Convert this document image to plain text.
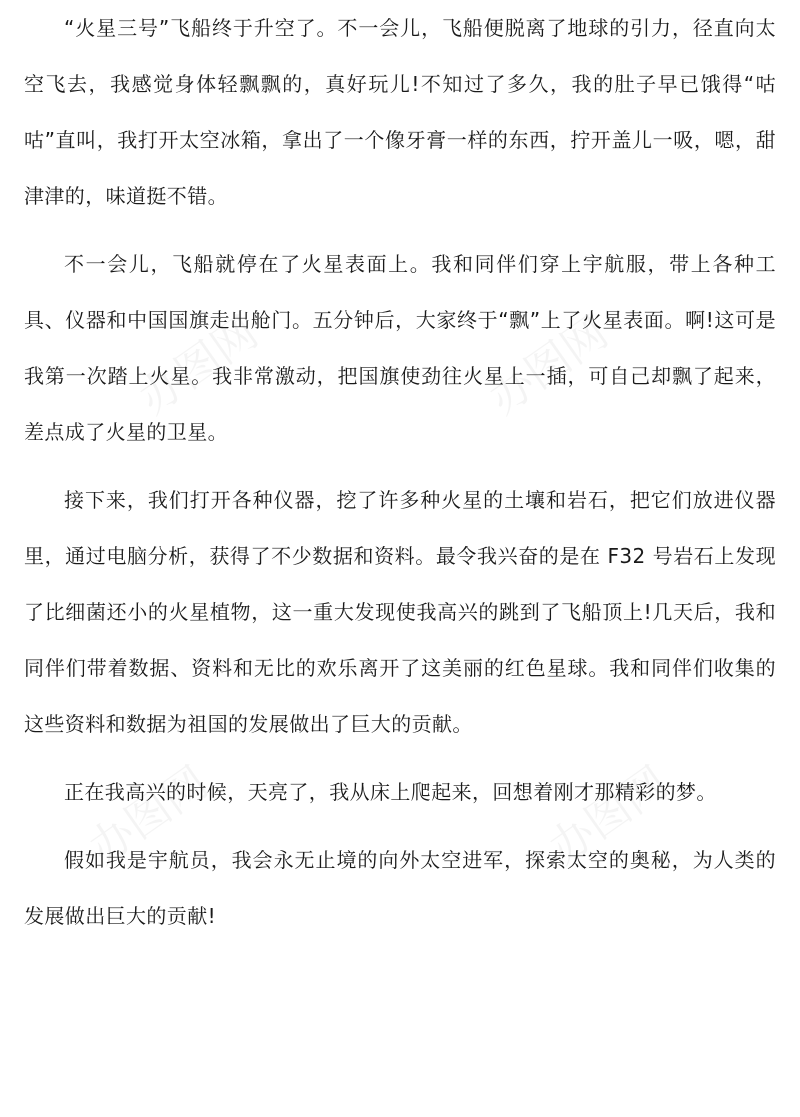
“火星三号”飞船终于升空了。不一会儿，飞船便脱离了地球的引力，径直向太空飞去，我感觉身体轻飘飘的，真好玩儿!不知过了多久，我的肚子早已饿得“咕咕”直叫，我打开太空冰箱，拿出了一个像牙膏一样的东西，拧开盖儿一吸，嗯，甜津津的，味道挺不错。

不一会儿，飞船就停在了火星表面上。我和同伴们穿上宇航服，带上各种工具、仪器和中国国旗走出舱门。五分钟后，大家终于“飘”上了火星表面。啊!这可是我第一次踏上火星。我非常激动，把国旗使劲往火星上一插，可自己却飘了起来，差点成了火星的卫星。

接下来，我们打开各种仪器，挖了许多种火星的土壤和岩石，把它们放进仪器里，通过电脑分析，获得了不少数据和资料。最令我兴奋的是在 F32 号岩石上发现了比细菌还小的火星植物，这一重大发现使我高兴的跳到了飞船顶上!几天后，我和同伴们带着数据、资料和无比的欢乐离开了这美丽的红色星球。我和同伴们收集的这些资料和数据为祖国的发展做出了巨大的贡献。

正在我高兴的时候，天亮了，我从床上爬起来，回想着刚才那精彩的梦。

假如我是宇航员，我会永无止境的向外太空进军，探索太空的奥秘，为人类的发展做出巨大的贡献!
